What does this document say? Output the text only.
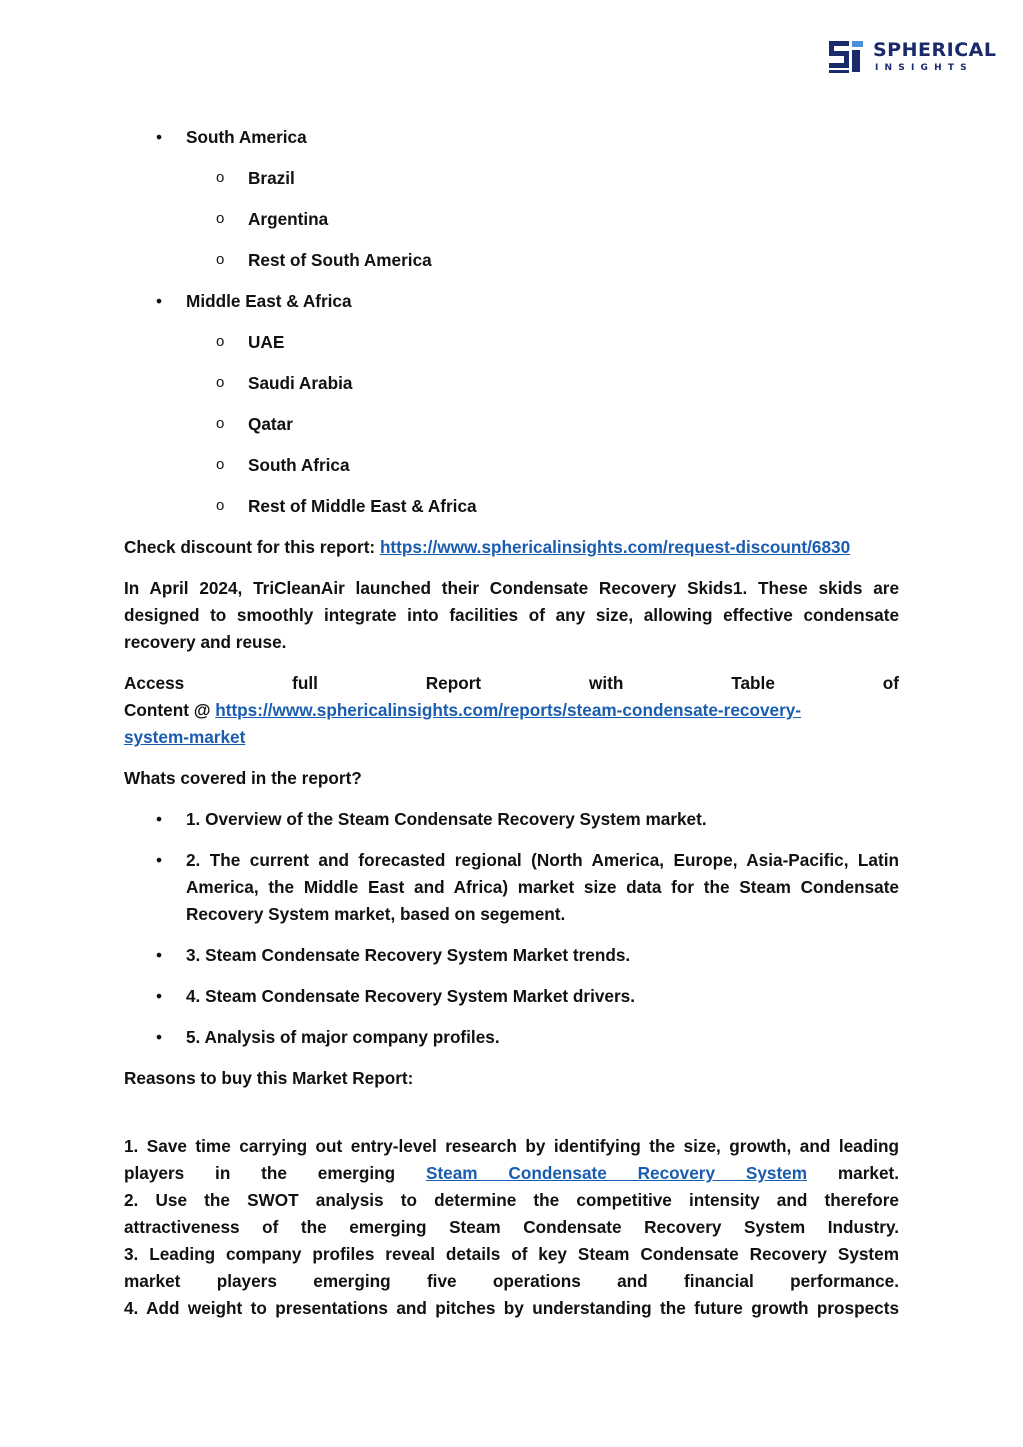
SPHERICAL
INSIGHTS
• South America
o Brazil
o Argentina
o Rest of South America
• Middle East & Africa
o UAE
o Saudi Arabia
o Qatar
o South Africa
o Rest of Middle East & Africa
Check discount for this report: https://www.sphericalinsights.com/request-discount/6830
In April 2024, TriCleanAir launched their Condensate Recovery Skids1. These skids are designed to smoothly integrate into facilities of any size, allowing effective condensate recovery and reuse.
Access	full	Report	with	Table	of
Content @ https://www.sphericalinsights.com/reports/steam-condensate-recovery-
system-market
Whats covered in the report?
• 1. Overview of the Steam Condensate Recovery System market.
• 2. The current and forecasted regional (North America, Europe, Asia-Pacific, Latin America, the Middle East and Africa) market size data for the Steam Condensate Recovery System market, based on segement.
• 3. Steam Condensate Recovery System Market trends.
• 4. Steam Condensate Recovery System Market drivers.
• 5. Analysis of major company profiles.
Reasons to buy this Market Report:
1. Save time carrying out entry-level research by identifying the size, growth, and leading
players in the emerging Steam Condensate Recovery System market.
2. Use the SWOT analysis to determine the competitive intensity and therefore
attractiveness of the emerging Steam Condensate Recovery System Industry.
3. Leading company profiles reveal details of key Steam Condensate Recovery System
market players emerging five operations and financial performance.
4. Add weight to presentations and pitches by understanding the future growth prospects
